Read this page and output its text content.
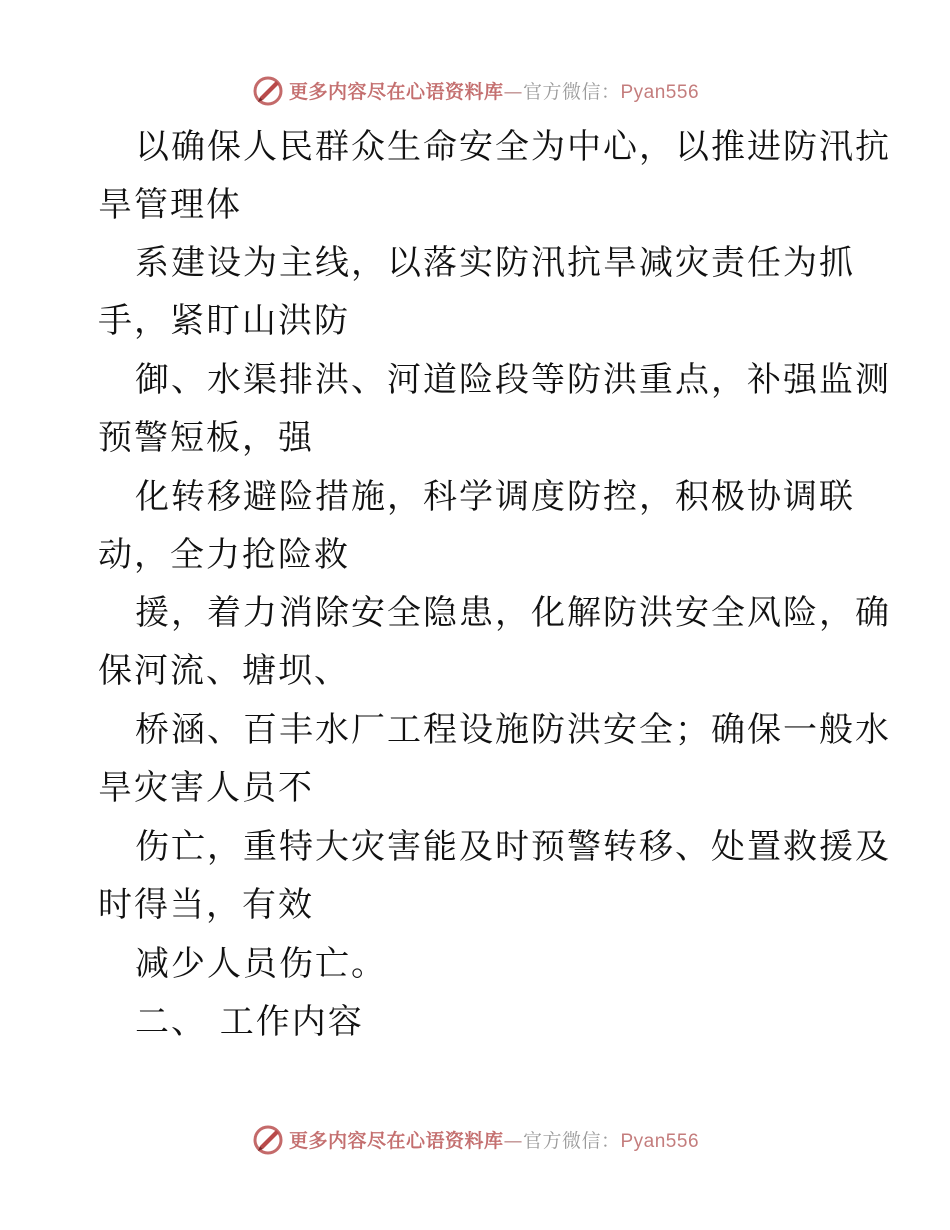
更多内容尽在心语资料库—官方微信：Pyan556
以确保人民群众生命安全为中心，以推进防汛抗
旱管理体
系建设为主线，以落实防汛抗旱减灾责任为抓
手，紧盯山洪防
御、水渠排洪、河道险段等防洪重点，补强监测
预警短板，强
化转移避险措施，科学调度防控，积极协调联
动，全力抢险救
援，着力消除安全隐患，化解防洪安全风险，确
保河流、塘坝、
桥涵、百丰水厂工程设施防洪安全；确保一般水
旱灾害人员不
伤亡，重特大灾害能及时预警转移、处置救援及
时得当，有效
减少人员伤亡。
二、 工作内容
更多内容尽在心语资料库—官方微信：Pyan556
